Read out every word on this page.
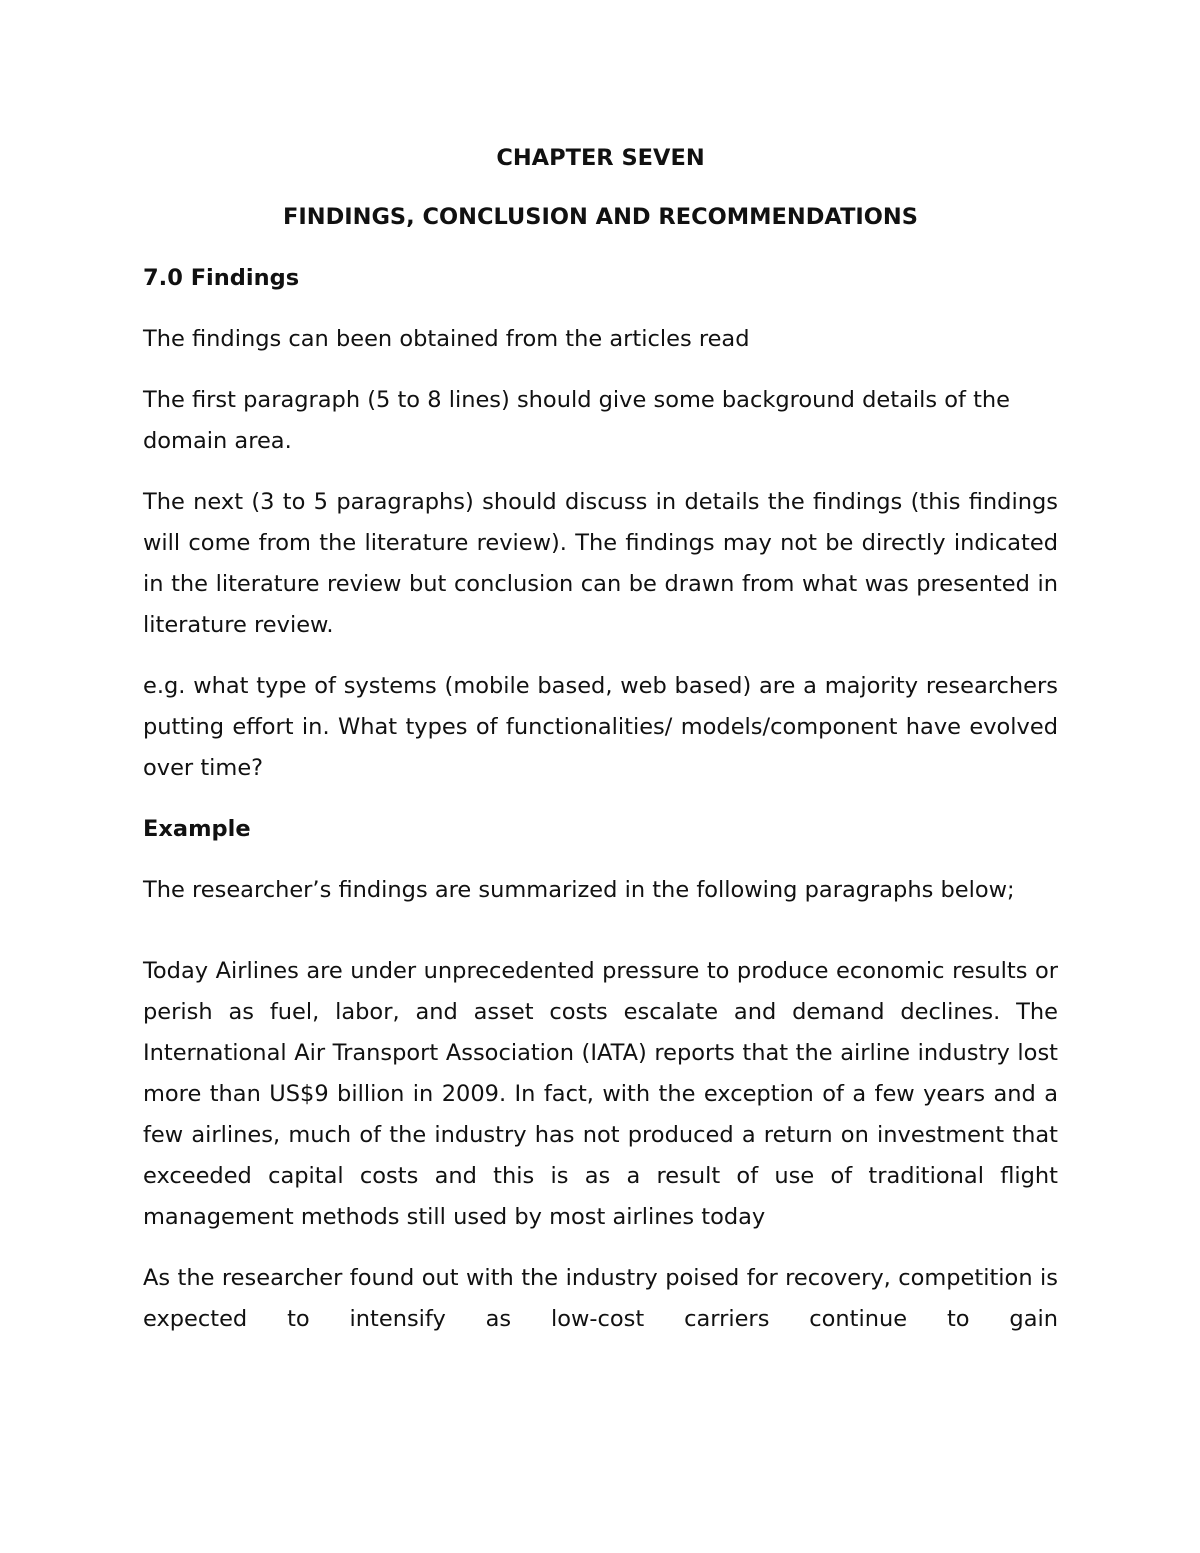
CHAPTER SEVEN
FINDINGS, CONCLUSION AND RECOMMENDATIONS
7.0 Findings

The findings can been obtained from the articles read

The first paragraph (5 to 8 lines) should give some background details of the domain area.

The next (3 to 5 paragraphs) should discuss in details the findings (this findings will come from the literature review). The findings may not be directly indicated in the literature review but conclusion can be drawn from what was presented in literature review.

e.g. what type of systems (mobile based, web based) are a majority researchers putting effort in. What types of functionalities/ models/component have evolved over time?

Example

The researcher’s findings are summarized in the following paragraphs below;

Today Airlines are under unprecedented pressure to produce economic results or perish as fuel, labor, and asset costs escalate and demand declines. The International Air Transport Association (IATA) reports that the airline industry lost more than US$9 billion in 2009. In fact, with the exception of a few years and a few airlines, much of the industry has not produced a return on investment that exceeded capital costs and this is as a result of use of traditional flight management methods still used by most airlines today

As the researcher found out with the industry poised for recovery, competition is expected to intensify as low-cost carriers continue to gain
